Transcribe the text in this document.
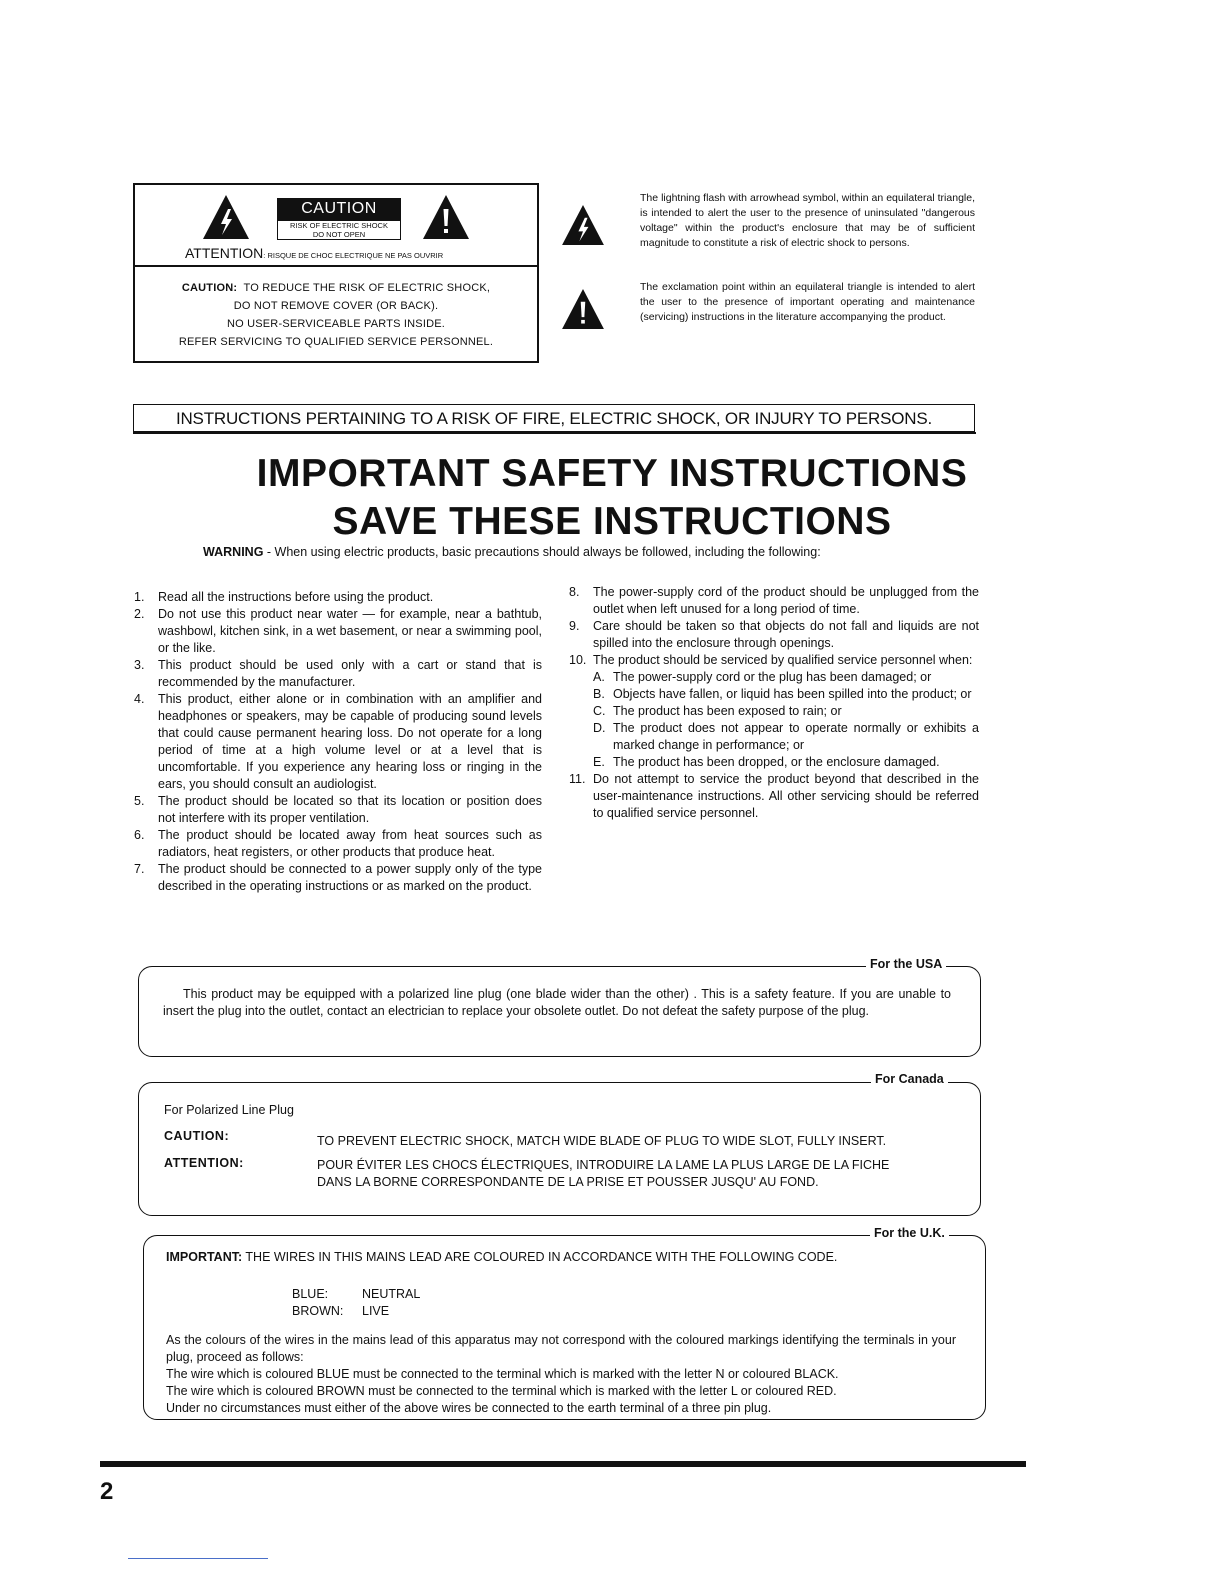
CAUTION
RISK OF ELECTRIC SHOCK
DO NOT OPEN
ATTENTION: RISQUE DE CHOC ELECTRIQUE NE PAS OUVRIR
CAUTION: TO REDUCE THE RISK OF ELECTRIC SHOCK,
DO NOT REMOVE COVER (OR BACK).
NO USER-SERVICEABLE PARTS INSIDE.
REFER SERVICING TO QUALIFIED SERVICE PERSONNEL.
The lightning flash with arrowhead symbol, within an equilateral triangle, is intended to alert the user to the presence of uninsulated "dangerous voltage" within the product's enclosure that may be of sufficient magnitude to constitute a risk of electric shock to persons.
The exclamation point within an equilateral triangle is intended to alert the user to the presence of important operating and maintenance (servicing) instructions in the literature accompanying the product.
INSTRUCTIONS PERTAINING TO A RISK OF FIRE, ELECTRIC SHOCK, OR INJURY TO PERSONS.
IMPORTANT SAFETY INSTRUCTIONS
SAVE THESE INSTRUCTIONS
WARNING - When using electric products, basic precautions should always be followed, including the following:
1. Read all the instructions before using the product.
2. Do not use this product near water — for example, near a bathtub, washbowl, kitchen sink, in a wet basement, or near a swimming pool, or the like.
3. This product should be used only with a cart or stand that is recommended by the manufacturer.
4. This product, either alone or in combination with an amplifier and headphones or speakers, may be capable of producing sound levels that could cause permanent hearing loss. Do not operate for a long period of time at a high volume level or at a level that is uncomfortable. If you experience any hearing loss or ringing in the ears, you should consult an audiologist.
5. The product should be located so that its location or position does not interfere with its proper ventilation.
6. The product should be located away from heat sources such as radiators, heat registers, or other products that produce heat.
7. The product should be connected to a power supply only of the type described in the operating instructions or as marked on the product.
8. The power-supply cord of the product should be unplugged from the outlet when left unused for a long period of time.
9. Care should be taken so that objects do not fall and liquids are not spilled into the enclosure through openings.
10. The product should be serviced by qualified service personnel when:
A. The power-supply cord or the plug has been damaged; or
B. Objects have fallen, or liquid has been spilled into the product; or
C. The product has been exposed to rain; or
D. The product does not appear to operate normally or exhibits a marked change in performance; or
E. The product has been dropped, or the enclosure damaged.
11. Do not attempt to service the product beyond that described in the user-maintenance instructions. All other servicing should be referred to qualified service personnel.
For the USA
This product may be equipped with a polarized line plug (one blade wider than the other) . This is a safety feature. If you are unable to insert the plug into the outlet, contact an electrician to replace your obsolete outlet. Do not defeat the safety purpose of the plug.
For Canada
For Polarized Line Plug
CAUTION:	TO PREVENT ELECTRIC SHOCK, MATCH WIDE BLADE OF PLUG TO WIDE SLOT, FULLY INSERT.
ATTENTION:	POUR ÉVITER LES CHOCS ÉLECTRIQUES, INTRODUIRE LA LAME LA PLUS LARGE DE LA FICHE
DANS LA BORNE CORRESPONDANTE DE LA PRISE ET POUSSER JUSQU' AU FOND.
For the U.K.
IMPORTANT: THE WIRES IN THIS MAINS LEAD ARE COLOURED IN ACCORDANCE WITH THE FOLLOWING CODE.
BLUE:	NEUTRAL
BROWN: LIVE
As the colours of the wires in the mains lead of this apparatus may not correspond with the coloured markings identifying the terminals in your plug, proceed as follows:
The wire which is coloured BLUE must be connected to the terminal which is marked with the letter N or coloured BLACK.
The wire which is coloured BROWN must be connected to the terminal which is marked with the letter L or coloured RED.
Under no circumstances must either of the above wires be connected to the earth terminal of a three pin plug.
2
